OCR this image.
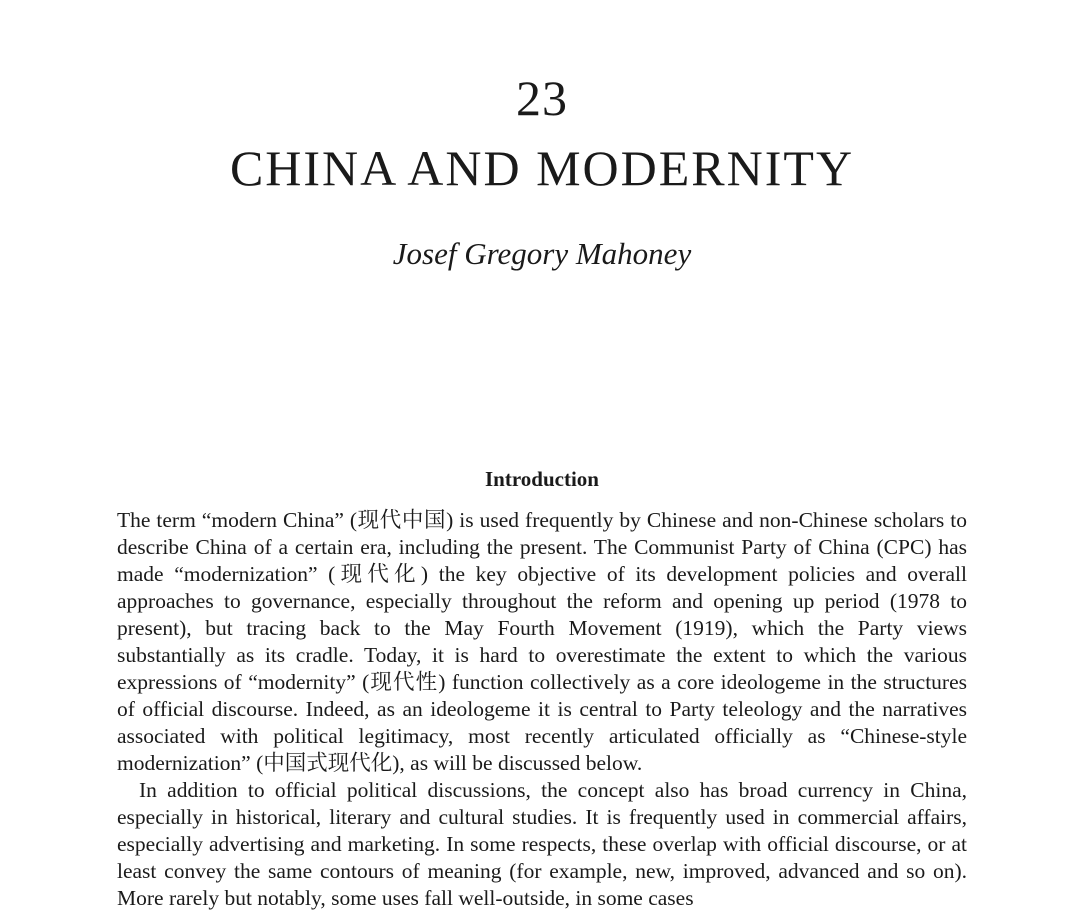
23
CHINA AND MODERNITY
Josef Gregory Mahoney
Introduction

The term “modern China” (现代中国) is used frequently by Chinese and non-Chinese scholars to describe China of a certain era, including the present. The Communist Party of China (CPC) has made “modernization” (现代化) the key objective of its development policies and overall approaches to governance, especially throughout the reform and opening up period (1978 to present), but tracing back to the May Fourth Movement (1919), which the Party views substantially as its cradle. Today, it is hard to overestimate the extent to which the various expressions of “modernity” (现代性) function collectively as a core ideologeme in the structures of official discourse. Indeed, as an ideologeme it is central to Party teleology and the narratives associated with political legitimacy, most recently articulated officially as “Chinese-style modernization” (中国式现代化), as will be discussed below.

In addition to official political discussions, the concept also has broad currency in China, especially in historical, literary and cultural studies. It is frequently used in commercial affairs, especially advertising and marketing. In some respects, these overlap with official discourse, or at least convey the same contours of meaning (for example, new, improved, advanced and so on). More rarely but notably, some uses fall well-outside, in some cases
